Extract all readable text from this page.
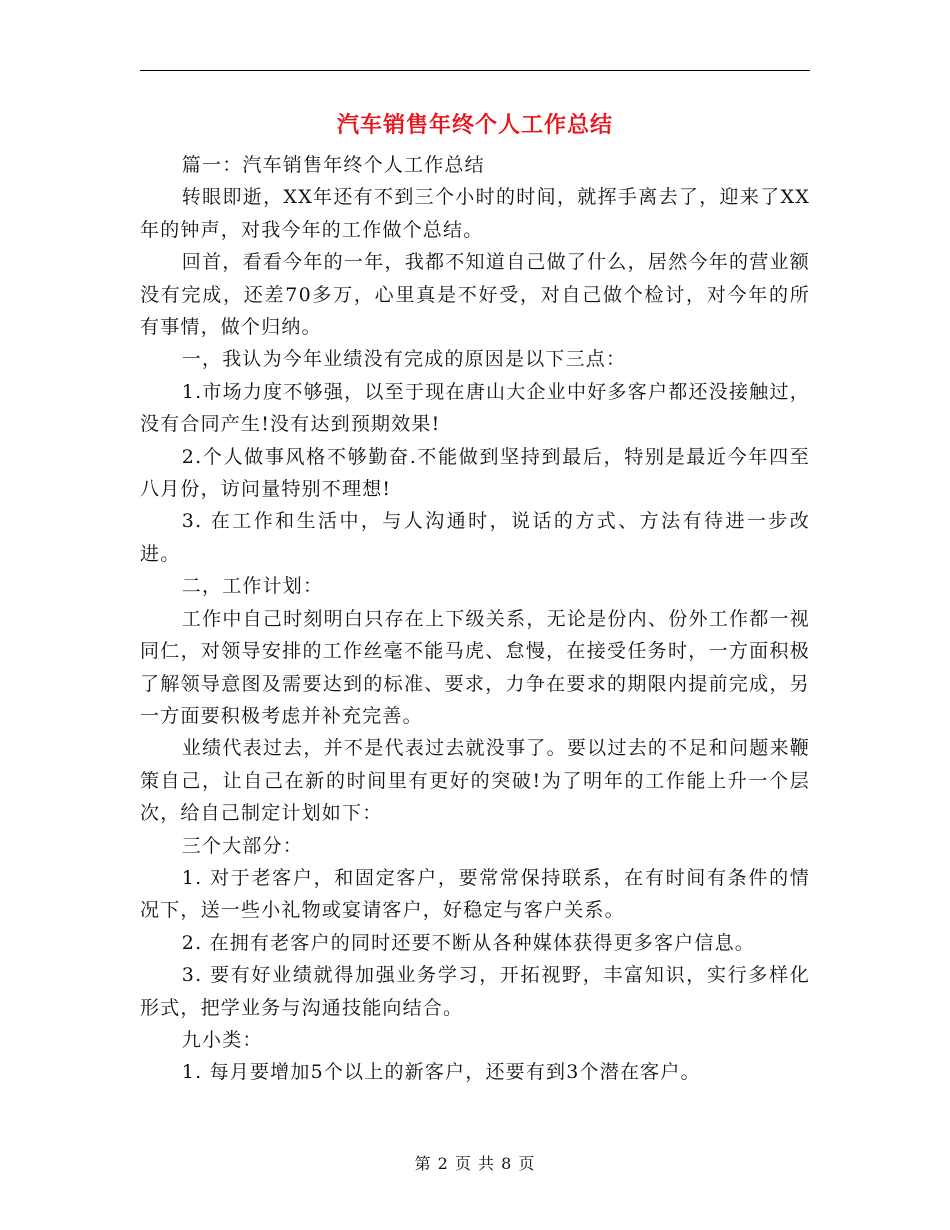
汽车销售年终个人工作总结

篇一：汽车销售年终个人工作总结

转眼即逝，XX年还有不到三个小时的时间，就挥手离去了，迎来了XX年的钟声，对我今年的工作做个总结。

回首，看看今年的一年，我都不知道自己做了什么，居然今年的营业额没有完成，还差70多万，心里真是不好受，对自己做个检讨，对今年的所有事情，做个归纳。

一，我认为今年业绩没有完成的原因是以下三点：

1.市场力度不够强，以至于现在唐山大企业中好多客户都还没接触过，没有合同产生!没有达到预期效果!

2.个人做事风格不够勤奋.不能做到坚持到最后，特别是最近今年四至八月份，访问量特别不理想!

3. 在工作和生活中，与人沟通时，说话的方式、方法有待进一步改进。

二，工作计划：

工作中自己时刻明白只存在上下级关系，无论是份内、份外工作都一视同仁，对领导安排的工作丝毫不能马虎、怠慢，在接受任务时，一方面积极了解领导意图及需要达到的标准、要求，力争在要求的期限内提前完成，另一方面要积极考虑并补充完善。

业绩代表过去，并不是代表过去就没事了。要以过去的不足和问题来鞭策自己，让自己在新的时间里有更好的突破!为了明年的工作能上升一个层次，给自己制定计划如下：

三个大部分：

1. 对于老客户，和固定客户，要常常保持联系，在有时间有条件的情况下，送一些小礼物或宴请客户，好稳定与客户关系。

2. 在拥有老客户的同时还要不断从各种媒体获得更多客户信息。

3. 要有好业绩就得加强业务学习，开拓视野，丰富知识，实行多样化形式，把学业务与沟通技能向结合。

九小类：

1. 每月要增加5个以上的新客户，还要有到3个潜在客户。

第 2 页 共 8 页
